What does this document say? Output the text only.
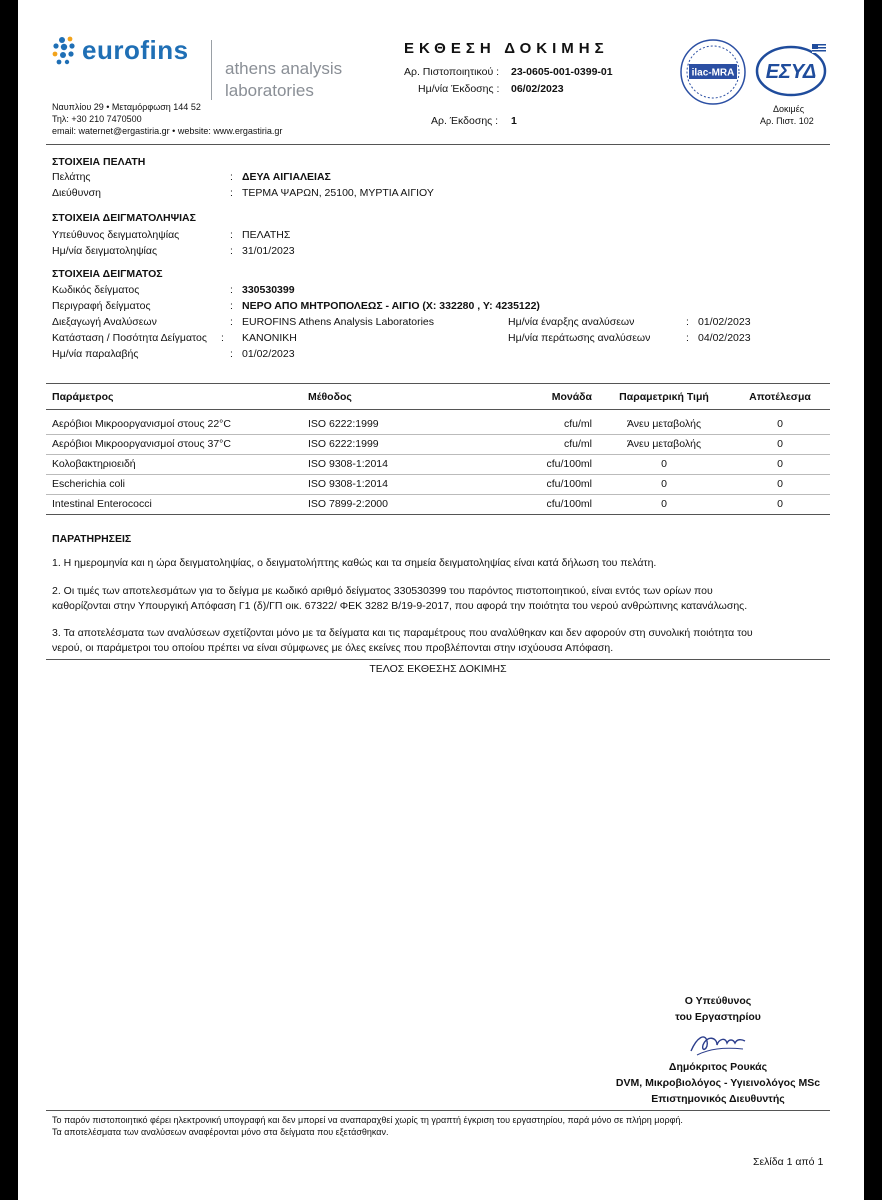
eurofins
athens analysis
laboratories
Ναυπλίου 29 • Μεταμόρφωση 144 52
Τηλ: +30 210 7470500
email: waternet@ergastiria.gr • website: www.ergastiria.gr
ΕΚΘΕΣΗ ΔΟΚΙΜΗΣ
Αρ. Πιστοποιητικού : 23-0605-001-0399-01
Ημ/νία Έκδοσης : 06/02/2023
Αρ. Έκδοσης : 1
ilac-MRA ΕΣΥΔ
Δοκιμές
Αρ. Πιστ. 102
ΣΤΟΙΧΕΙΑ ΠΕΛΑΤΗ
Πελάτης	: ΔΕΥΑ ΑΙΓΙΑΛΕΙΑΣ
Διεύθυνση	: ΤΕΡΜΑ ΨΑΡΩΝ, 25100, ΜΥΡΤΙΑ ΑΙΓΙΟΥ
ΣΤΟΙΧΕΙΑ ΔΕΙΓΜΑΤΟΛΗΨΙΑΣ
Υπεύθυνος δειγματοληψίας	: ΠΕΛΑΤΗΣ
Ημ/νία δειγματοληψίας	: 31/01/2023
ΣΤΟΙΧΕΙΑ ΔΕΙΓΜΑΤΟΣ
Κωδικός δείγματος	: 330530399
Περιγραφή δείγματος	: ΝΕΡΟ ΑΠΟ ΜΗΤΡΟΠΟΛΕΩΣ - ΑΙΓΙΟ (Χ: 332280 , Υ: 4235122)
Διεξαγωγή Αναλύσεων	: EUROFINS Athens Analysis Laboratories	Ημ/νία έναρξης αναλύσεων	: 01/02/2023
Κατάσταση / Ποσότητα Δείγματος : ΚΑΝΟΝΙΚΗ	Ημ/νία περάτωσης αναλύσεων	: 04/02/2023
Ημ/νία παραλαβής	: 01/02/2023
Παράμετρος	Μέθοδος	Μονάδα	Παραμετρική Τιμή	Αποτέλεσμα

Αερόβιοι Μικροοργανισμοί στους 22°C	ISO 6222:1999	cfu/ml	Άνευ μεταβολής	0
Αερόβιοι Μικροοργανισμοί στους 37°C	ISO 6222:1999	cfu/ml	Άνευ μεταβολής	0
Κολοβακτηριοειδή	ISO 9308-1:2014	cfu/100ml	0	0
Escherichia coli	ISO 9308-1:2014	cfu/100ml	0	0
Intestinal Enterococci	ISO 7899-2:2000	cfu/100ml	0	0
ΠΑΡΑΤΗΡΗΣΕΙΣ
1. Η ημερομηνία και η ώρα δειγματοληψίας, ο δειγματολήπτης καθώς και τα σημεία δειγματοληψίας είναι κατά δήλωση του πελάτη.
2. Οι τιμές των αποτελεσμάτων για το δείγμα με κωδικό αριθμό δείγματος 330530399 του παρόντος πιστοποιητικού, είναι εντός των ορίων που
καθορίζονται στην Υπουργική Απόφαση Γ1 (δ)/ΓΠ οικ. 67322/ ΦΕΚ 3282 Β/19-9-2017, που αφορά την ποιότητα του νερού ανθρώπινης κατανάλωσης.
3. Τα αποτελέσματα των αναλύσεων σχετίζονται μόνο με τα δείγματα και τις παραμέτρους που αναλύθηκαν και δεν αφορούν στη συνολική ποιότητα του
νερού, οι παράμετροι του οποίου πρέπει να είναι σύμφωνες με όλες εκείνες που προβλέπονται στην ισχύουσα Απόφαση.
ΤΕΛΟΣ ΕΚΘΕΣΗΣ ΔΟΚΙΜΗΣ
Ο Υπεύθυνος
του Εργαστηρίου
Δημόκριτος Ρουκάς
DVM, Μικροβιολόγος - Υγιεινολόγος MSc
Επιστημονικός Διευθυντής
Το παρόν πιστοποιητικό φέρει ηλεκτρονική υπογραφή και δεν μπορεί να αναπαραχθεί χωρίς τη γραπτή έγκριση του εργαστηρίου, παρά μόνο σε πλήρη μορφή.
Τα αποτελέσματα των αναλύσεων αναφέρονται μόνο στα δείγματα που εξετάσθηκαν.
Σελίδα 1 από 1
